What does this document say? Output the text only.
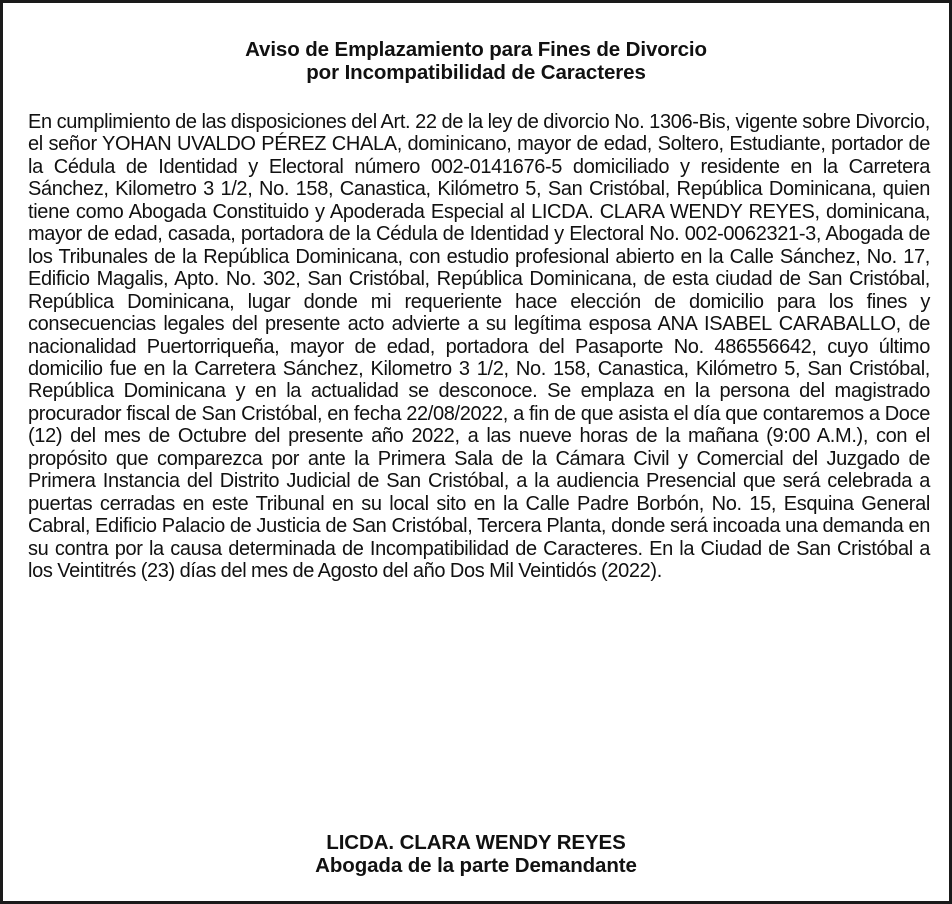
Aviso de Emplazamiento para Fines de Divorcio
por Incompatibilidad de Caracteres
En cumplimiento de las disposiciones del Art. 22 de la ley de divorcio No. 1306-Bis, vigente sobre Divorcio, el señor YOHAN UVALDO PÉREZ CHALA, dominicano, mayor de edad, Soltero, Estudiante, portador de la Cédula de Identidad y Electoral número 002-0141676-5 domiciliado y residente en la Carretera Sánchez, Kilometro 3 1/2, No. 158, Canastica, Kilómetro 5, San Cristóbal, República Dominicana, quien tiene como Abogada Constituido y Apoderada Especial al LICDA. CLARA WENDY REYES, dominicana, mayor de edad, casada, portadora de la Cédula de Identidad y Electoral No. 002-0062321-3, Abogada de los Tribunales de la República Dominicana, con estudio profesional abierto en la Calle Sánchez, No. 17, Edificio Magalis, Apto. No. 302, San Cristóbal, República Dominicana, de esta ciudad de San Cristóbal, República Dominicana, lugar donde mi requeriente hace elección de domicilio para los fines y consecuencias legales del presente acto advierte a su legítima esposa ANA ISABEL CARABALLO, de nacionalidad Puertorriqueña, mayor de edad, portadora del Pasaporte No. 486556642, cuyo último domicilio fue en la Carretera Sánchez, Kilometro 3 1/2, No. 158, Canastica, Kilómetro 5, San Cristóbal, República Dominicana y en la actualidad se desconoce. Se emplaza en la persona del magistrado procurador fiscal de San Cristóbal, en fecha 22/08/2022, a fin de que asista el día que contaremos a Doce (12) del mes de Octubre del presente año 2022, a las nueve horas de la mañana (9:00 A.M.), con el propósito que comparezca por ante la Primera Sala de la Cámara Civil y Comercial del Juzgado de Primera Instancia del Distrito Judicial de San Cristóbal, a la audiencia Presencial que será celebrada a puertas cerradas en este Tribunal en su local sito en la Calle Padre Borbón, No. 15, Esquina General Cabral, Edificio Palacio de Justicia de San Cristóbal, Tercera Planta, donde será incoada una demanda en su contra por la causa determinada de Incompatibilidad de Caracteres. En la Ciudad de San Cristóbal a los Veintitrés (23) días del mes de Agosto del año Dos Mil Veintidós (2022).
LICDA. CLARA WENDY REYES
Abogada de la parte Demandante
